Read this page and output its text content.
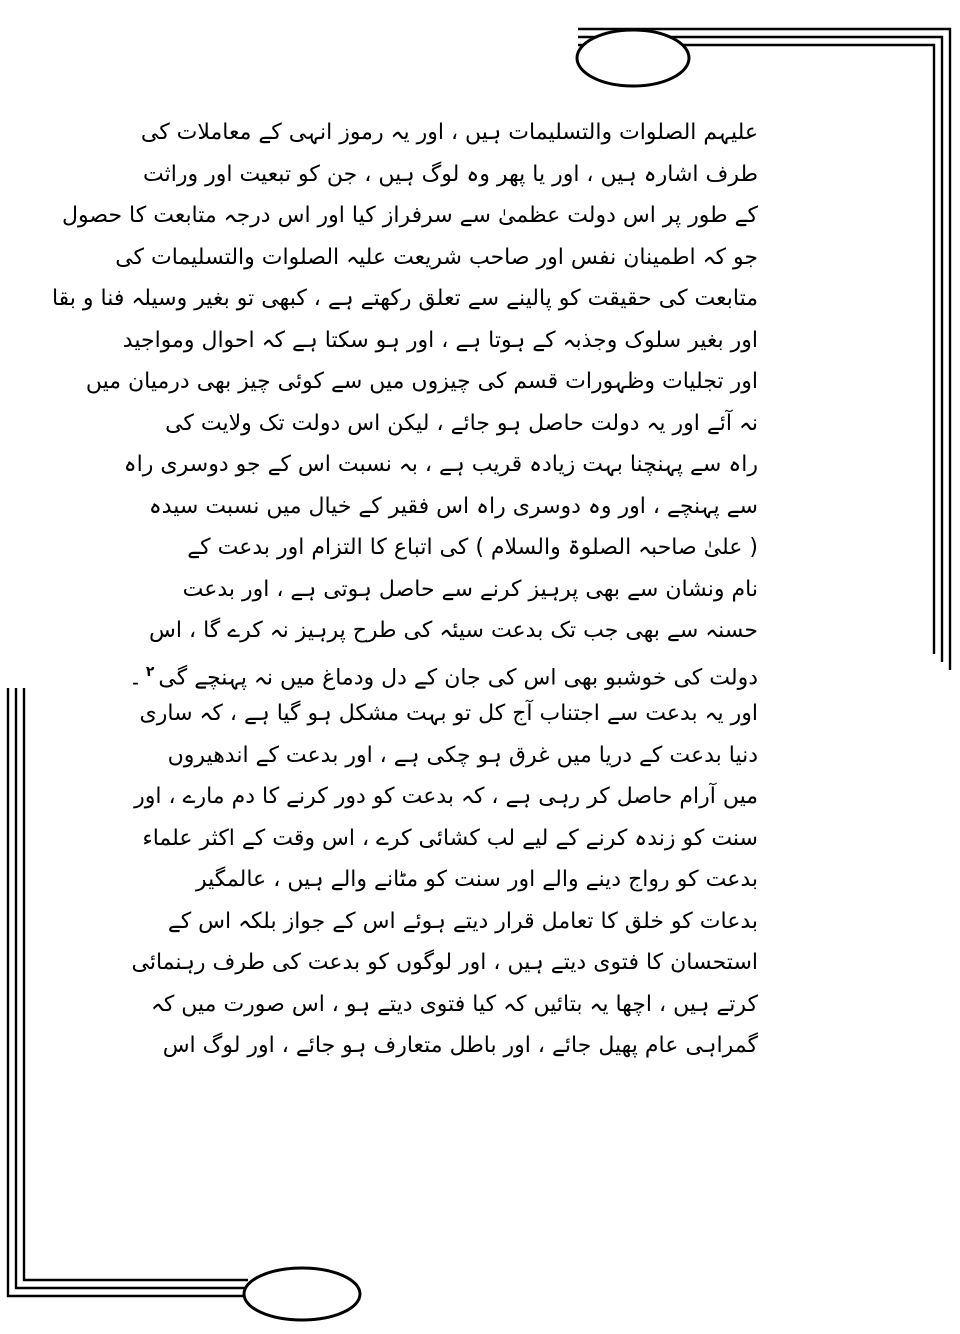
علیہم الصلوات والتسلیمات ہیں ، اور یہ رموز انہی کے معاملات کی
طرف اشارہ ہیں ، اور یا پھر وہ لوگ ہیں ، جن کو تبعیت اور وراثت
کے طور پر اس دولت عظمیٰ سے سرفراز کیا اور اس درجہ متابعت کا حصول
جو کہ اطمینان نفس اور صاحب شریعت علیہ الصلوات والتسلیمات کی
متابعت کی حقیقت کو پالینے سے تعلق رکھتے ہے ، کبھی تو بغیر وسیلہ فنا و بقا
اور بغیر سلوک وجذبہ کے ہوتا ہے ، اور ہو سکتا ہے کہ احوال ومواجید
اور تجلیات وظہورات قسم کی چیزوں میں سے کوئی چیز بھی درمیان میں
نہ آئے اور یہ دولت حاصل ہو جائے ، لیکن اس دولت تک ولایت کی
راہ سے پہنچنا بہت زیادہ قریب ہے ، بہ نسبت اس کے جو دوسری راہ
سے پہنچے ، اور وہ دوسری راہ اس فقیر کے خیال میں نسبت سیدہ
( علیٰ صاحبہ الصلوۃ والسلام ) کی اتباع کا التزام اور بدعت کے
نام ونشان سے بھی پرہیز کرنے سے حاصل ہوتی ہے ، اور بدعت
حسنہ سے بھی جب تک بدعت سیئہ کی طرح پرہیز نہ کرے گا ، اس
دولت کی خوشبو بھی اس کی جان کے دل ودماغ میں نہ پہنچے گی$^۲$۔
اور یہ بدعت سے اجتناب آج کل تو بہت مشکل ہو گیا ہے ، کہ ساری
دنیا بدعت کے دریا میں غرق ہو چکی ہے ، اور بدعت کے اندھیروں
میں آرام حاصل کر رہی ہے ، کہ بدعت کو دور کرنے کا دم مارے ، اور
سنت کو زندہ کرنے کے لیے لب کشائی کرے ، اس وقت کے اکثر علماء
بدعت کو رواج دینے والے اور سنت کو مٹانے والے ہیں ، عالمگیر
بدعات کو خلق کا تعامل قرار دیتے ہوئے اس کے جواز بلکہ اس کے
استحسان کا فتوی دیتے ہیں ، اور لوگوں کو بدعت کی طرف رہنمائی
کرتے ہیں ، اچھا یہ بتائیں کہ کیا فتوی دیتے ہو ، اس صورت میں کہ
گمراہی عام پھیل جائے ، اور باطل متعارف ہو جائے ، اور لوگ اس
